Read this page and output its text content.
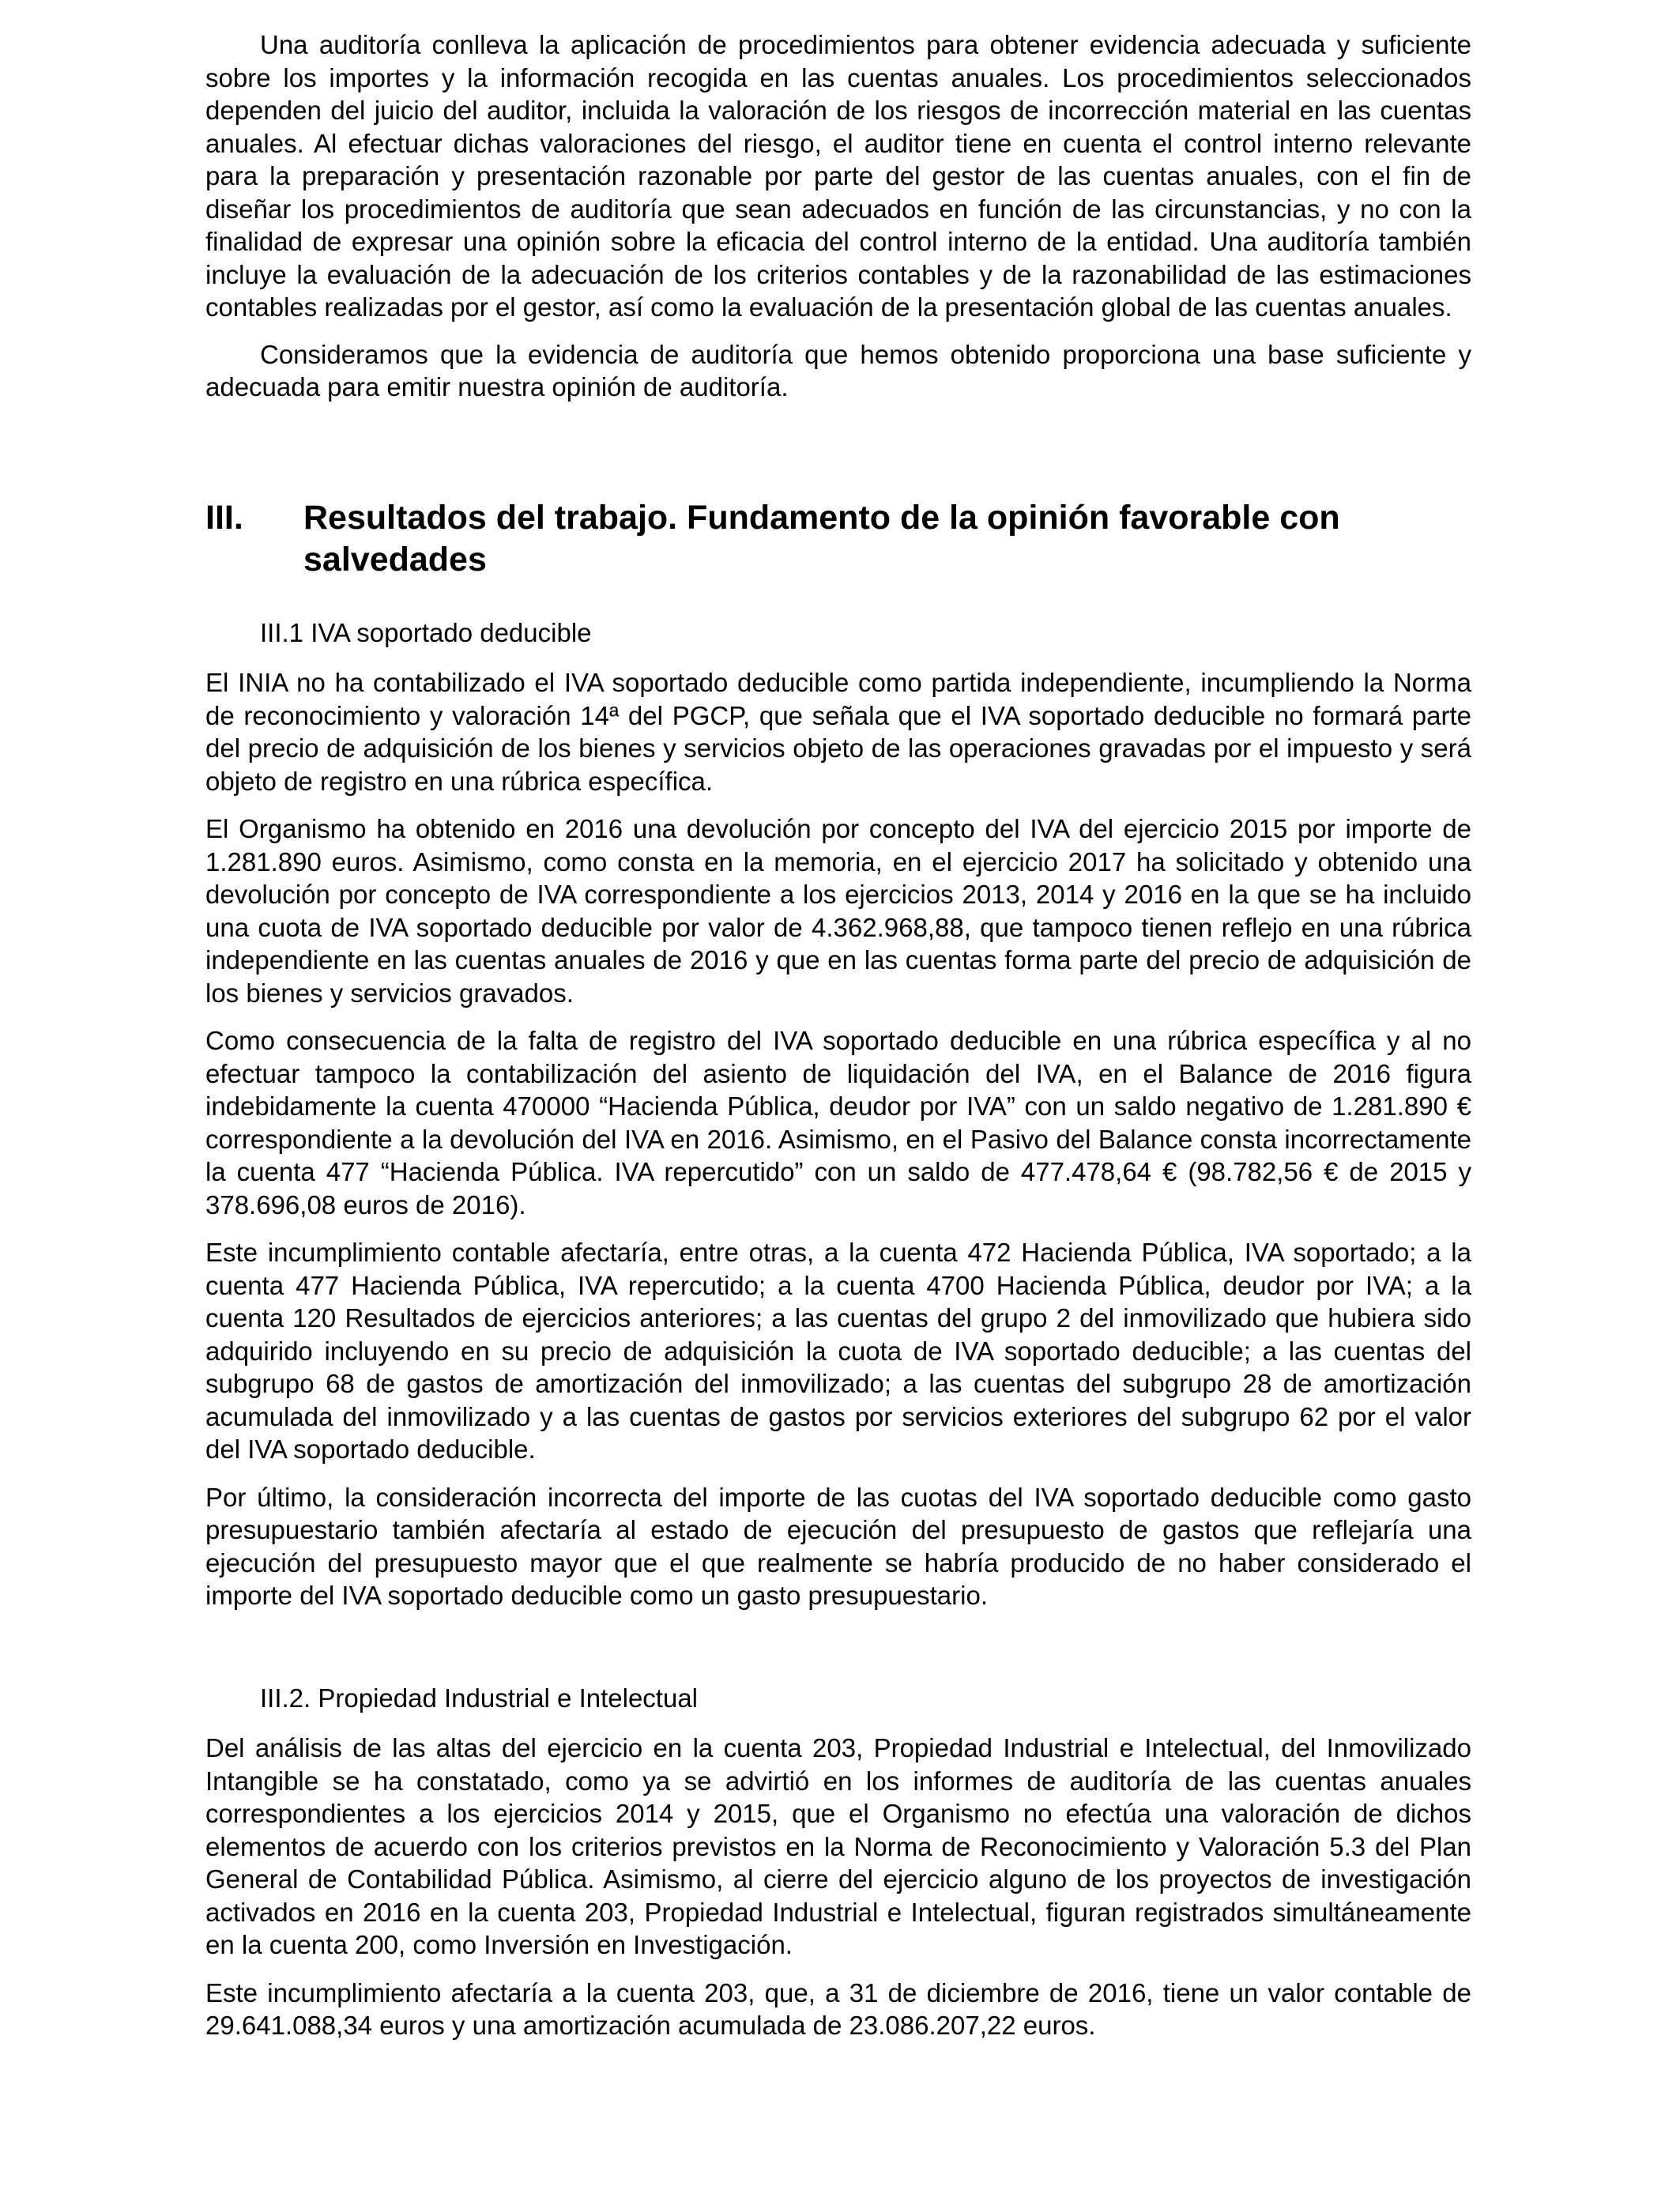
Una auditoría conlleva la aplicación de procedimientos para obtener evidencia adecuada y suficiente sobre los importes y la información recogida en las cuentas anuales. Los procedimientos seleccionados dependen del juicio del auditor, incluida la valoración de los riesgos de incorrección material en las cuentas anuales. Al efectuar dichas valoraciones del riesgo, el auditor tiene en cuenta el control interno relevante para la preparación y presentación razonable por parte del gestor de las cuentas anuales, con el fin de diseñar los procedimientos de auditoría que sean adecuados en función de las circunstancias, y no con la finalidad de expresar una opinión sobre la eficacia del control interno de la entidad. Una auditoría también incluye la evaluación de la adecuación de los criterios contables y de la razonabilidad de las estimaciones contables realizadas por el gestor, así como la evaluación de la presentación global de las cuentas anuales.

Consideramos que la evidencia de auditoría que hemos obtenido proporciona una base suficiente y adecuada para emitir nuestra opinión de auditoría.

III.	Resultados del trabajo. Fundamento de la opinión favorable con salvedades
III.1 IVA soportado deducible

El INIA no ha contabilizado el IVA soportado deducible como partida independiente, incumpliendo la Norma de reconocimiento y valoración 14ª del PGCP, que señala que el IVA soportado deducible no formará parte del precio de adquisición de los bienes y servicios objeto de las operaciones gravadas por el impuesto y será objeto de registro en una rúbrica específica.

El Organismo ha obtenido en 2016 una devolución por concepto del IVA del ejercicio 2015 por importe de 1.281.890 euros. Asimismo, como consta en la memoria, en el ejercicio 2017 ha solicitado y obtenido una devolución por concepto de IVA correspondiente a los ejercicios 2013, 2014 y 2016 en la que se ha incluido una cuota de IVA soportado deducible por valor de 4.362.968,88, que tampoco tienen reflejo en una rúbrica independiente en las cuentas anuales de 2016 y que en las cuentas forma parte del precio de adquisición de los bienes y servicios gravados.

Como consecuencia de la falta de registro del IVA soportado deducible en una rúbrica específica y al no efectuar tampoco la contabilización del asiento de liquidación del IVA, en el Balance de 2016 figura indebidamente la cuenta 470000 “Hacienda Pública, deudor por IVA” con un saldo negativo de 1.281.890 € correspondiente a la devolución del IVA en 2016. Asimismo, en el Pasivo del Balance consta incorrectamente la cuenta 477 “Hacienda Pública. IVA repercutido” con un saldo de 477.478,64 € (98.782,56 € de 2015 y 378.696,08 euros de 2016).

Este incumplimiento contable afectaría, entre otras, a la cuenta 472 Hacienda Pública, IVA soportado; a la cuenta 477 Hacienda Pública, IVA repercutido; a la cuenta 4700 Hacienda Pública, deudor por IVA; a la cuenta 120 Resultados de ejercicios anteriores; a las cuentas del grupo 2 del inmovilizado que hubiera sido adquirido incluyendo en su precio de adquisición la cuota de IVA soportado deducible; a las cuentas del subgrupo 68 de gastos de amortización del inmovilizado; a las cuentas del subgrupo 28 de amortización acumulada del inmovilizado y a las cuentas de gastos por servicios exteriores del subgrupo 62 por el valor del IVA soportado deducible.

Por último, la consideración incorrecta del importe de las cuotas del IVA soportado deducible como gasto presupuestario también afectaría al estado de ejecución del presupuesto de gastos que reflejaría una ejecución del presupuesto mayor que el que realmente se habría producido de no haber considerado el importe del IVA soportado deducible como un gasto presupuestario.

III.2. Propiedad Industrial e Intelectual

Del análisis de las altas del ejercicio en la cuenta 203, Propiedad Industrial e Intelectual, del Inmovilizado Intangible se ha constatado, como ya se advirtió en los informes de auditoría de las cuentas anuales correspondientes a los ejercicios 2014 y 2015, que el Organismo no efectúa una valoración de dichos elementos de acuerdo con los criterios previstos en la Norma de Reconocimiento y Valoración 5.3 del Plan General de Contabilidad Pública. Asimismo, al cierre del ejercicio alguno de los proyectos de investigación activados en 2016 en la cuenta 203, Propiedad Industrial e Intelectual, figuran registrados simultáneamente en la cuenta 200, como Inversión en Investigación.

Este incumplimiento afectaría a la cuenta 203, que, a 31 de diciembre de 2016, tiene un valor contable de 29.641.088,34 euros y una amortización acumulada de 23.086.207,22 euros.
